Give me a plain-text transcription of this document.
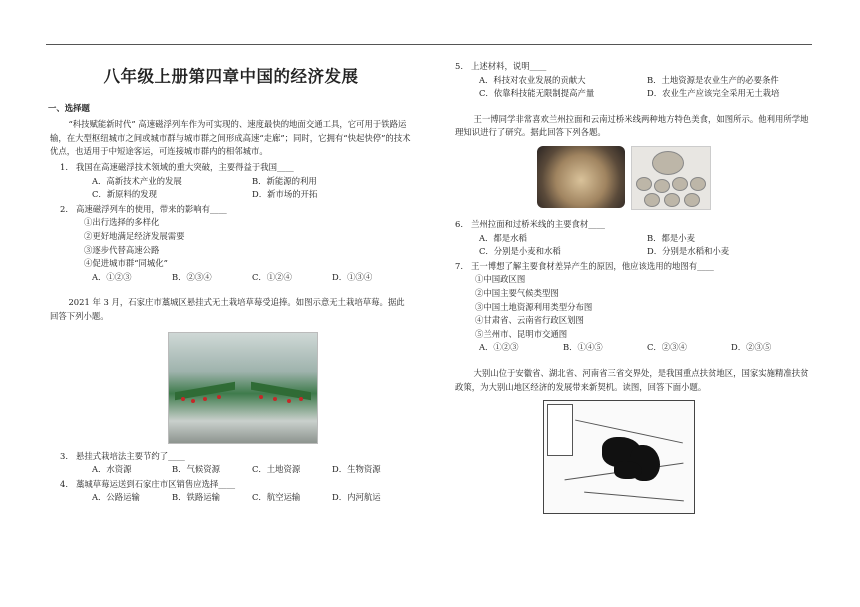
八年级上册第四章中国的经济发展
一、选择题
“科技赋能新时代” 高速磁浮列车作为可实现的、速度最快的地面交通工具，它可用于铁路运输，在大型枢纽城市之间或城市群与城市群之间形成高速“走廊”；同时，它拥有“快起快停”的技术优点，也适用于中短途客运，可连接城市群内的相邻城市。
1. 我国在高速磁浮技术领域的重大突破，主要得益于我国____
A．高新技术产业的发展	B．新能源的利用
C．新原料的发现	D．新市场的开拓
2. 高速磁浮列车的使用，带来的影响有____
①出行选择的多样化
②更好地满足经济发展需要
③逐步代替高速公路
④促进城市群“同城化”
A．①②③	B．②③④	C．①②④	D．①③④
2021 年 3 月，石家庄市藁城区悬挂式无土栽培草莓受追捧。如图示意无土栽培草莓。据此回答下列小题。
3. 悬挂式栽培法主要节约了____
A．水资源	B．气候资源	C．土地资源	D．生物资源
4. 藁城草莓运送到石家庄市区销售应选择____
A．公路运输	B．铁路运输	C．航空运输	D．内河航运
5. 上述材料，说明____
A．科技对农业发展的贡献大	B．土地资源是农业生产的必要条件
C．依靠科技能无限制提高产量	D．农业生产应该完全采用无土栽培
王一博同学非常喜欢兰州拉面和云南过桥米线两种地方特色美食，如图所示。他利用所学地理知识进行了研究。据此回答下列各题。
6. 兰州拉面和过桥米线的主要食材____
A．都是水稻	B．都是小麦
C．分别是小麦和水稻	D．分别是水稻和小麦
7. 王一博想了解主要食材差异产生的原因，他应该选用的地图有____
①中国政区图
②中国主要气候类型图
③中国土地资源利用类型分布图
④甘肃省、云南省行政区划图
⑤兰州市、昆明市交通图
A．①②③	B．①④⑤	C．②③④	D．②③⑤
大别山位于安徽省、湖北省、河南省三省交界处，是我国重点扶贫地区，国家实施精准扶贫政策，为大别山地区经济的发展带来新契机。读图，回答下面小题。
